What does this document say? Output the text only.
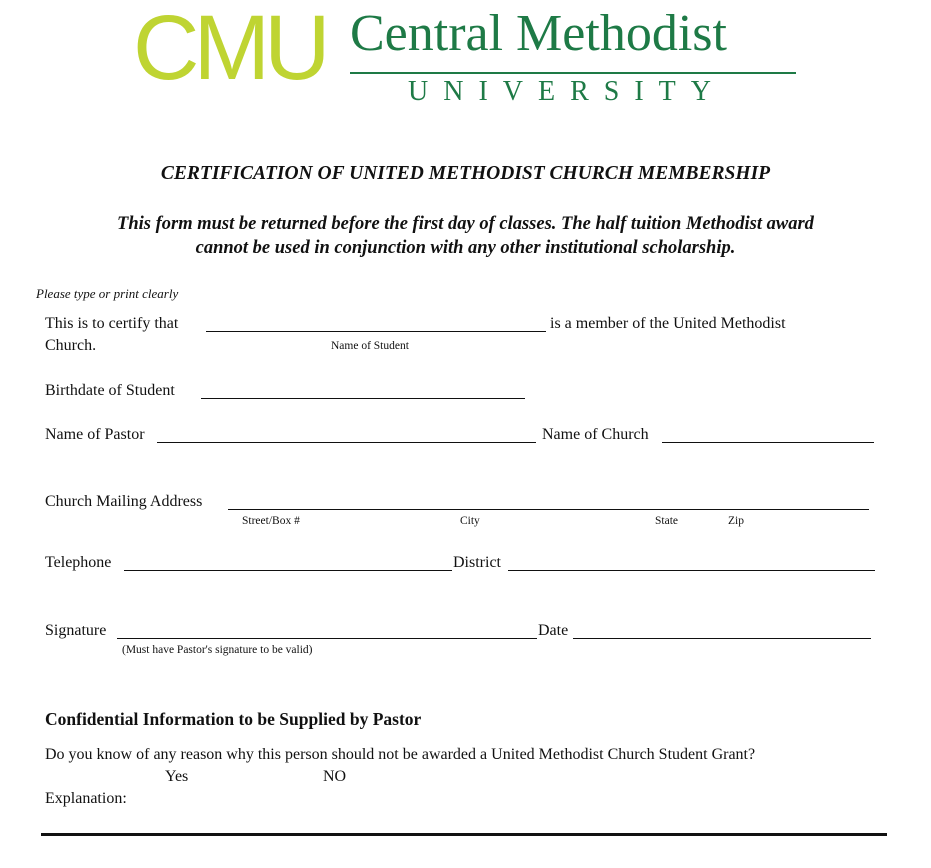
CMU Central Methodist
UNIVERSITY
CERTIFICATION OF UNITED METHODIST CHURCH MEMBERSHIP
This form must be returned before the first day of classes. The half tuition Methodist award
cannot be used in conjunction with any other institutional scholarship.
Please type or print clearly
This is to certify that	is a member of the United Methodist
Church.	Name of Student
Birthdate of Student
Name of Pastor	Name of Church
Church Mailing Address
Street/Box #	City	State	Zip
Telephone	District
Signature	Date
(Must have Pastor's signature to be valid)
Confidential Information to be Supplied by Pastor
Do you know of any reason why this person should not be awarded a United Methodist Church Student Grant?
Yes	NO
Explanation:
